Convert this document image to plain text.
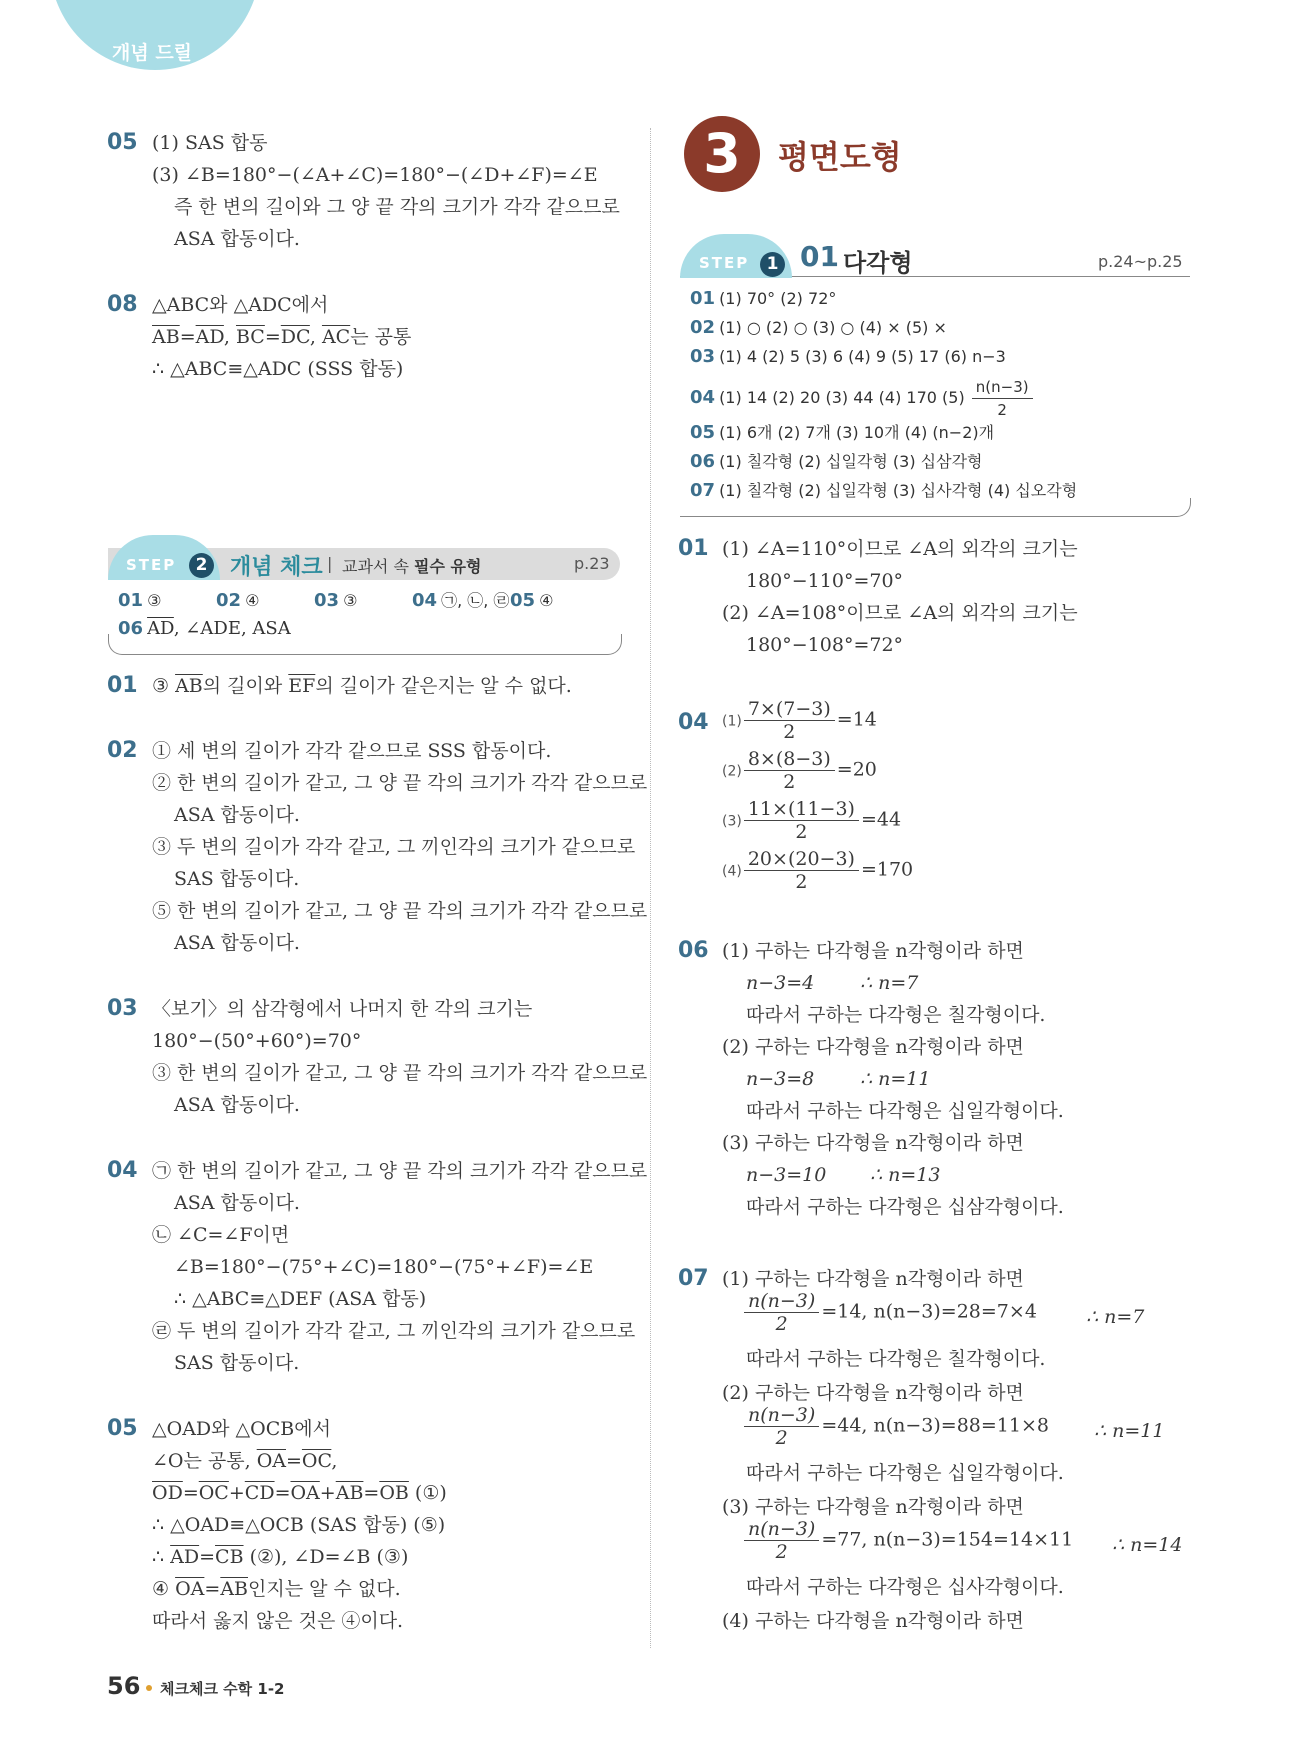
개념 드릴
05 (1) SAS 합동
(3) ∠B=180°−(∠A+∠C)=180°−(∠D+∠F)=∠E
즉 한 변의 길이와 그 양 끝 각의 크기가 각각 같으므로
ASA 합동이다.
08 △ABC와 △ADC에서
$\overline{AB}=\overline{AD}$, $\overline{BC}=\overline{DC}$, $\overline{AC}$는 공통
∴ △ABC≡△ADC (SSS 합동)
STEP	2 개념 체크 | 교과서 속 필수 유형	p.23
01 ③	02 ④	03 ③	04 ㉠, ㉡, ㉣ 05 ④
06 $\overline{AD}$, ∠ADE, ASA
01 ③ $\overline{AB}$의 길이와 $\overline{EF}$의 길이가 같은지는 알 수 없다.
02 ① 세 변의 길이가 각각 같으므로 SSS 합동이다.
② 한 변의 길이가 같고, 그 양 끝 각의 크기가 각각 같으므로
ASA 합동이다.
③ 두 변의 길이가 각각 같고, 그 끼인각의 크기가 같으므로
SAS 합동이다.
⑤ 한 변의 길이가 같고, 그 양 끝 각의 크기가 각각 같으므로
ASA 합동이다.
03 〈보기〉의 삼각형에서 나머지 한 각의 크기는
180°−(50°+60°)=70°
③ 한 변의 길이가 같고, 그 양 끝 각의 크기가 각각 같으므로
ASA 합동이다.
04 ㉠ 한 변의 길이가 같고, 그 양 끝 각의 크기가 각각 같으므로
ASA 합동이다.
㉡ ∠C=∠F이면
∠B=180°−(75°+∠C)=180°−(75°+∠F)=∠E
∴ △ABC≡△DEF (ASA 합동)
㉣ 두 변의 길이가 각각 같고, 그 끼인각의 크기가 같으므로
SAS 합동이다.
05 △OAD와 △OCB에서
∠O는 공통, $\overline{OA}=\overline{OC}$,
$\overline{OD}=\overline{OC}+\overline{CD}=\overline{OA}+\overline{AB}=\overline{OB}$ (①)
∴ △OAD≡△OCB (SAS 합동) (⑤)
∴ $\overline{AD}=\overline{CB}$ (②), ∠D=∠B (③)
④ $\overline{OA}=\overline{AB}$인지는 알 수 없다.
따라서 옳지 않은 것은 ④이다.
56 체크체크 수학 1-2
3	평면도형
STEP	1 01 다각형	p.24~p.25
01 (1) 70° (2) 72°
02 (1) ○ (2) ○ (3) ○ (4) × (5) ×
03 (1) 4 (2) 5 (3) 6 (4) 9 (5) 17 (6) n−3
04 (1) 14 (2) 20 (3) 44 (4) 170 $(5) \frac{n(n-3)}{2}$
05 (1) 6개 (2) 7개 (3) 10개 (4) (n−2)개
06 (1) 칠각형 (2) 십일각형 (3) 십삼각형
07 (1) 칠각형 (2) 십일각형 (3) 십사각형 (4) 십오각형
01 (1) ∠A=110°이므로 ∠A의 외각의 크기는
180°−110°=70°
(2) ∠A=108°이므로 ∠A의 외각의 크기는
180°−108°=72°
04 $(1) \frac{7\times(7-3)}{2} =14$
$(2) \frac{8\times(8-3)}{2} =20$
$(3) \frac{11\times(11-3)}{2} =44$
$(4) \frac{20\times(20-3)}{2} =170$
06 (1) 구하는 다각형을 n각형이라 하면
n−3=4 ∴ n=7
따라서 구하는 다각형은 칠각형이다.
(2) 구하는 다각형을 n각형이라 하면
n−3=8 ∴ n=11
따라서 구하는 다각형은 십일각형이다.
(3) 구하는 다각형을 n각형이라 하면
n−3=10 ∴ n=13
따라서 구하는 다각형은 십삼각형이다.
07 (1) 구하는 다각형을 n각형이라 하면
$\frac{n(n-3)}{2} =14$, n(n−3)=28=7×4	∴ n=7
따라서 구하는 다각형은 칠각형이다.
(2) 구하는 다각형을 n각형이라 하면
$\frac{n(n-3)}{2} =44$, n(n−3)=88=11×8 ∴ n=11
따라서 구하는 다각형은 십일각형이다.
(3) 구하는 다각형을 n각형이라 하면
$\frac{n(n-3)}{2} =77$, n(n−3)=154=14×11 ∴ n=14
따라서 구하는 다각형은 십사각형이다.
(4) 구하는 다각형을 n각형이라 하면
